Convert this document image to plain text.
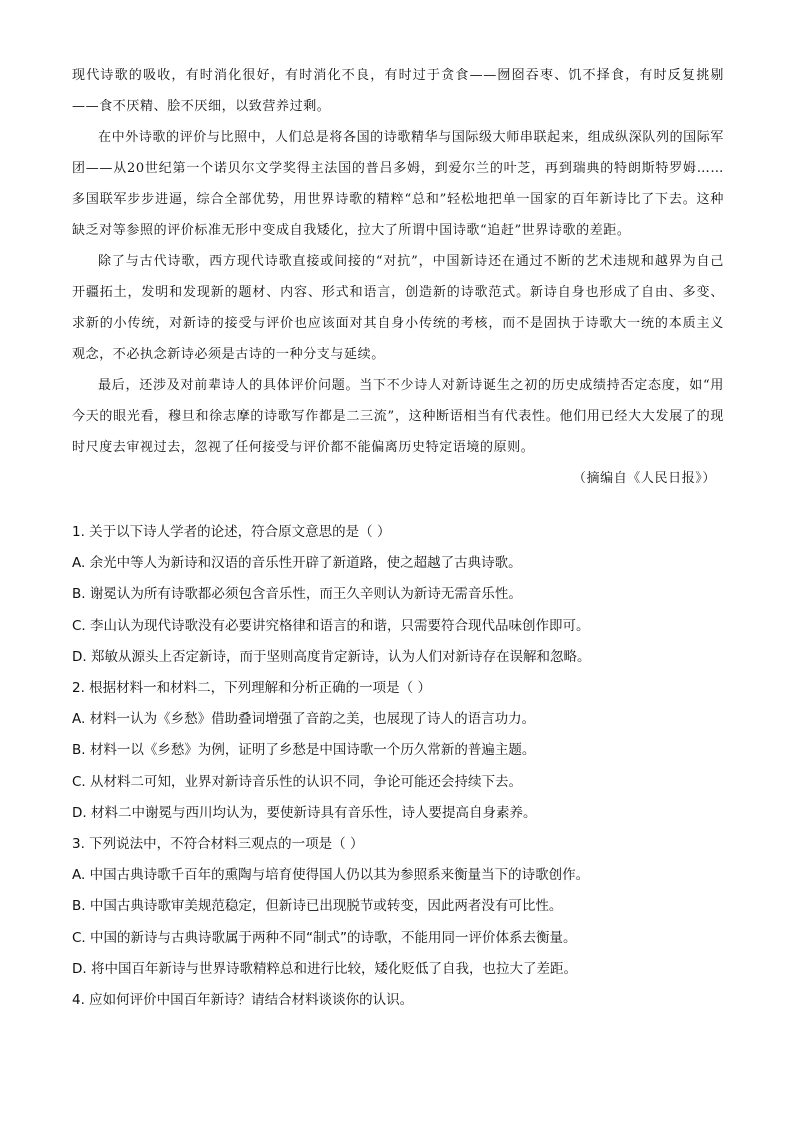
现代诗歌的吸收，有时消化很好，有时消化不良，有时过于贪食——囫囵吞枣、饥不择食，有时反复挑剔——食不厌精、脍不厌细，以致营养过剩。

在中外诗歌的评价与比照中，人们总是将各国的诗歌精华与国际级大师串联起来，组成纵深队列的国际军团——从20世纪第一个诺贝尔文学奖得主法国的普吕多姆，到爱尔兰的叶芝，再到瑞典的特朗斯特罗姆……多国联军步步进逼，综合全部优势，用世界诗歌的精粹“总和”轻松地把单一国家的百年新诗比了下去。这种缺乏对等参照的评价标准无形中变成自我矮化，拉大了所谓中国诗歌“追赶”世界诗歌的差距。

除了与古代诗歌，西方现代诗歌直接或间接的“对抗”，中国新诗还在通过不断的艺术违规和越界为自己开疆拓土，发明和发现新的题材、内容、形式和语言，创造新的诗歌范式。新诗自身也形成了自由、多变、求新的小传统，对新诗的接受与评价也应该面对其自身小传统的考核，而不是固执于诗歌大一统的本质主义观念，不必执念新诗必须是古诗的一种分支与延续。

最后，还涉及对前辈诗人的具体评价问题。当下不少诗人对新诗诞生之初的历史成绩持否定态度，如“用今天的眼光看，穆旦和徐志摩的诗歌写作都是二三流”，这种断语相当有代表性。他们用已经大大发展了的现时尺度去审视过去，忽视了任何接受与评价都不能偏离历史特定语境的原则。

（摘编自《人民日报》）

1. 关于以下诗人学者的论述，符合原文意思的是（ ）
A. 余光中等人为新诗和汉语的音乐性开辟了新道路，使之超越了古典诗歌。
B. 谢冕认为所有诗歌都必须包含音乐性，而王久辛则认为新诗无需音乐性。
C. 李山认为现代诗歌没有必要讲究格律和语言的和谐，只需要符合现代品味创作即可。
D. 郑敏从源头上否定新诗，而于坚则高度肯定新诗，认为人们对新诗存在误解和忽略。
2. 根据材料一和材料二，下列理解和分析正确的一项是（ ）
A. 材料一认为《乡愁》借助叠词增强了音韵之美，也展现了诗人的语言功力。
B. 材料一以《乡愁》为例，证明了乡愁是中国诗歌一个历久常新的普遍主题。
C. 从材料二可知，业界对新诗音乐性的认识不同，争论可能还会持续下去。
D. 材料二中谢冕与西川均认为，要使新诗具有音乐性，诗人要提高自身素养。
3. 下列说法中，不符合材料三观点的一项是（ ）
A. 中国古典诗歌千百年的熏陶与培育使得国人仍以其为参照系来衡量当下的诗歌创作。
B. 中国古典诗歌审美规范稳定，但新诗已出现脱节或转变，因此两者没有可比性。
C. 中国的新诗与古典诗歌属于两种不同“制式”的诗歌，不能用同一评价体系去衡量。
D. 将中国百年新诗与世界诗歌精粹总和进行比较，矮化贬低了自我，也拉大了差距。
4. 应如何评价中国百年新诗？请结合材料谈谈你的认识。
